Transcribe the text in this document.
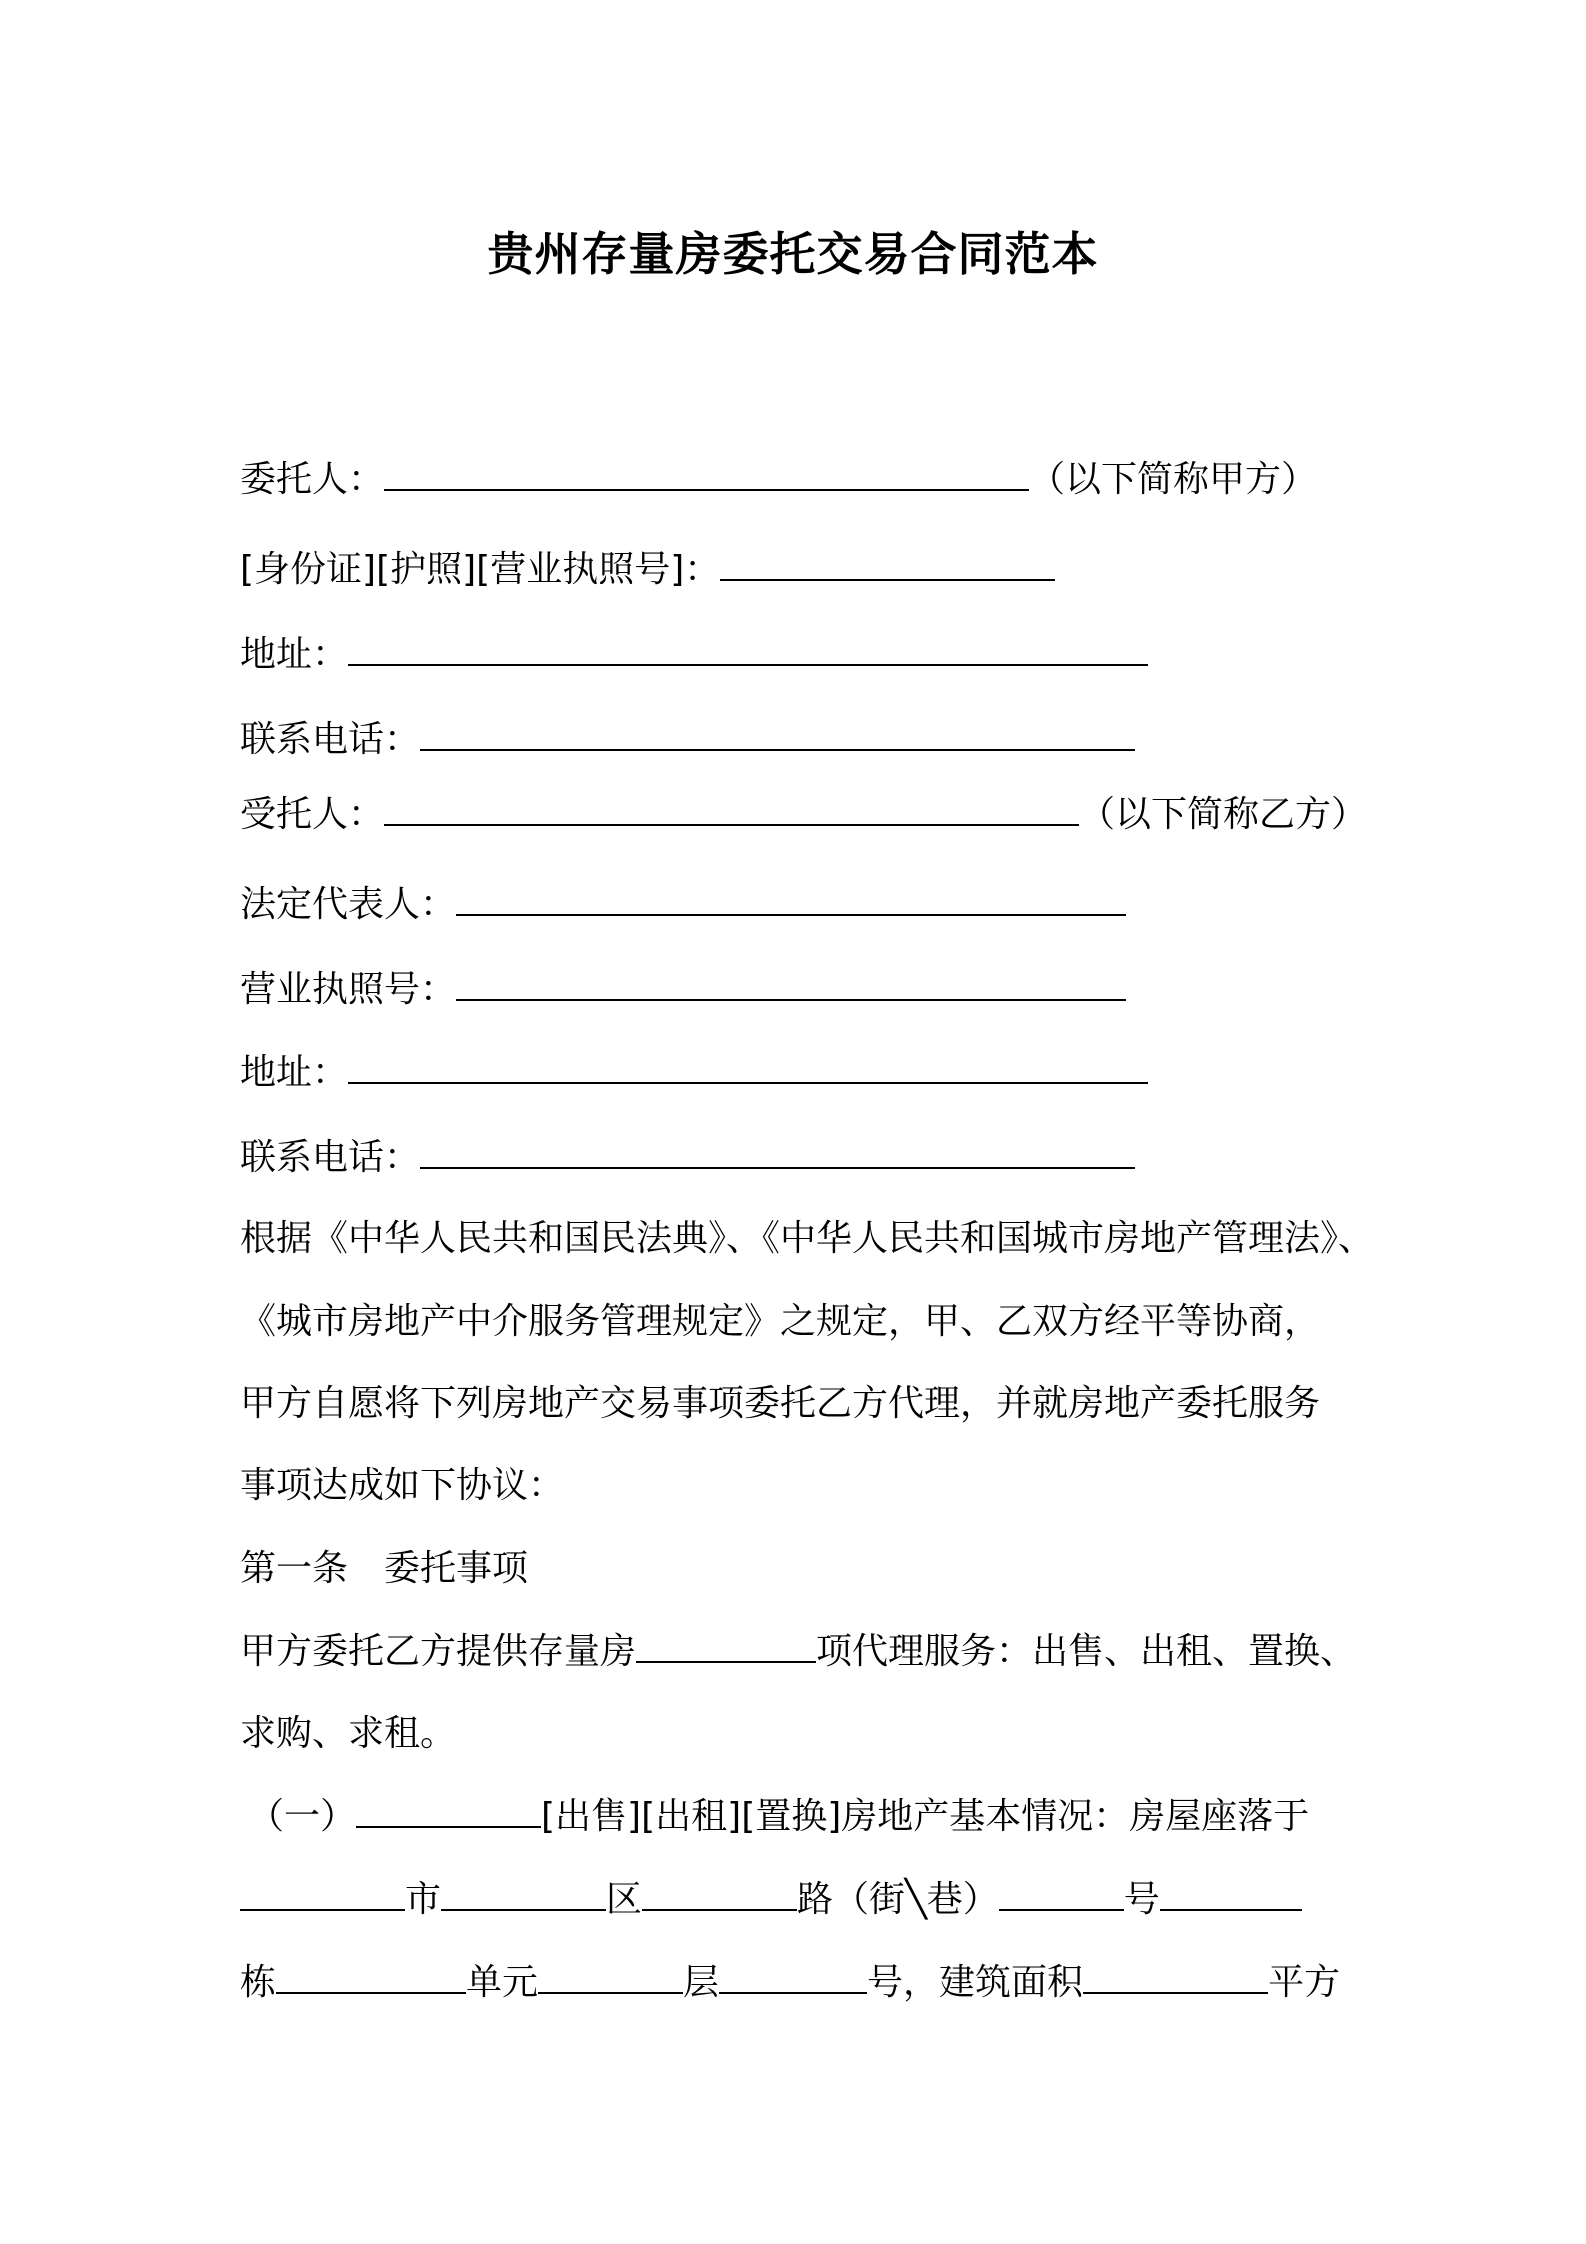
贵州存量房委托交易合同范本
委托人：	（以下简称甲方）
[身份证][护照][营业执照号]：
地址：
联系电话：
受托人：	（以下简称乙方）
法定代表人：
营业执照号：
地址：
联系电话：
根据《中华人民共和国民法典》、《中华人民共和国城市房地产管理法》、
《城市房地产中介服务管理规定》之规定，甲、乙双方经平等协商，
甲方自愿将下列房地产交易事项委托乙方代理，并就房地产委托服务
事项达成如下协议：
第一条　委托事项
甲方委托乙方提供存量房	项代理服务：出售、出租、置换、
求购、求租。
（一）	[出售][出租][置换]房地产基本情况：房屋座落于
市	区	路（街╲巷）	号
栋	单元	层	号，建筑面积	平方
